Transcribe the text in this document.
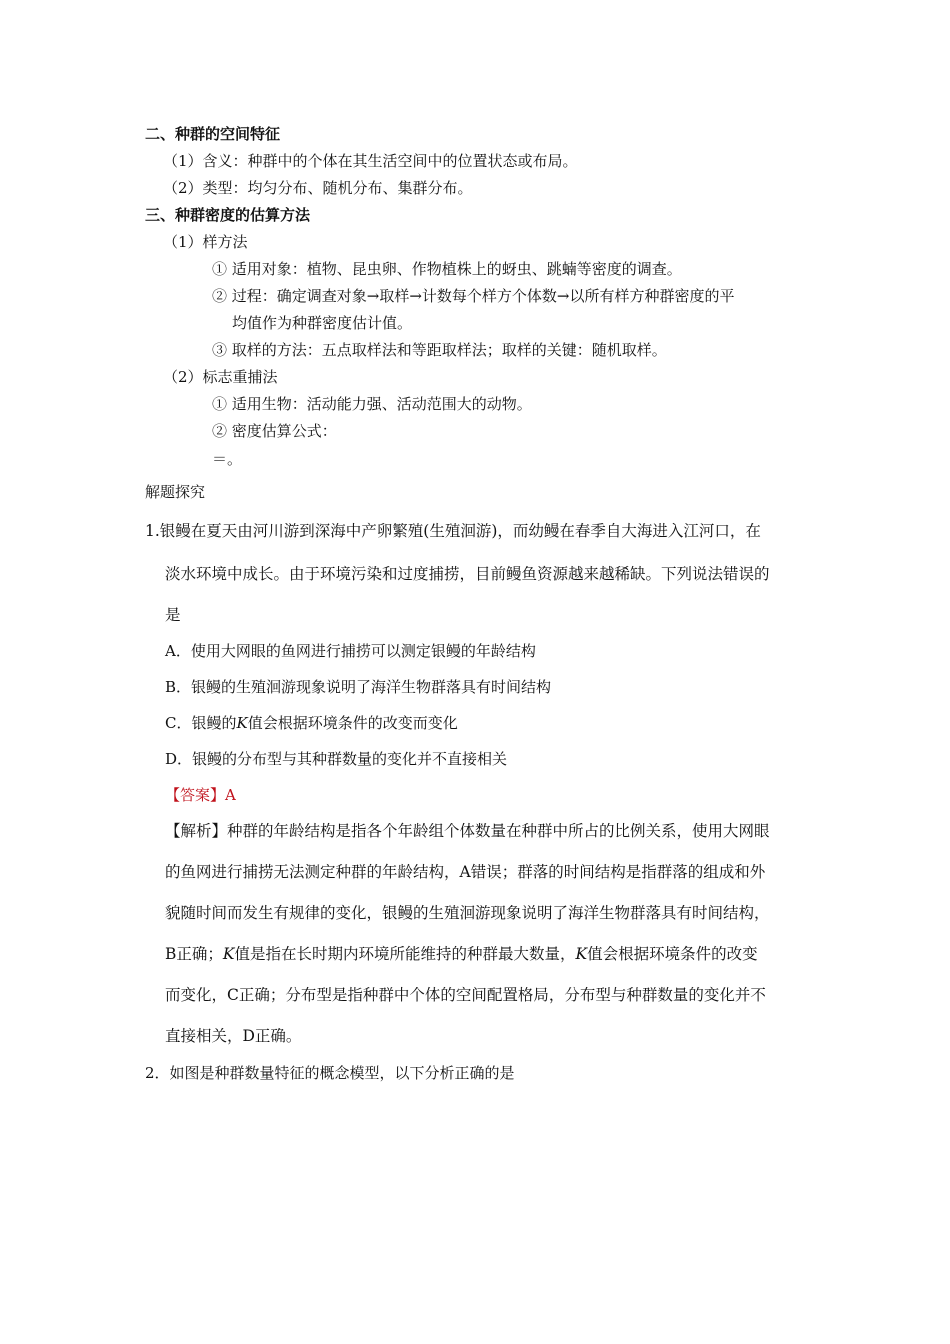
二、种群的空间特征
（1）含义：种群中的个体在其生活空间中的位置状态或布局。
（2）类型：均匀分布、随机分布、集群分布。
三、种群密度的估算方法
（1）样方法
① 适用对象：植物、昆虫卵、作物植株上的蚜虫、跳蝻等密度的调查。
② 过程：确定调查对象→取样→计数每个样方个体数→以所有样方种群密度的平
均值作为种群密度估计值。
③ 取样的方法：五点取样法和等距取样法；取样的关键：随机取样。
（2）标志重捕法
① 适用生物：活动能力强、活动范围大的动物。
② 密度估算公式：
＝。
解题探究
1.银鳗在夏天由河川游到深海中产卵繁殖(生殖洄游)，而幼鳗在春季自大海进入江河口，在
淡水环境中成长。由于环境污染和过度捕捞，目前鳗鱼资源越来越稀缺。下列说法错误的
是
A．使用大网眼的鱼网进行捕捞可以测定银鳗的年龄结构
B．银鳗的生殖洄游现象说明了海洋生物群落具有时间结构
C．银鳗的K值会根据环境条件的改变而变化
D．银鳗的分布型与其种群数量的变化并不直接相关
【答案】A
【解析】种群的年龄结构是指各个年龄组个体数量在种群中所占的比例关系，使用大网眼
的鱼网进行捕捞无法测定种群的年龄结构，A错误；群落的时间结构是指群落的组成和外
貌随时间而发生有规律的变化，银鳗的生殖洄游现象说明了海洋生物群落具有时间结构，
B正确；K值是指在长时期内环境所能维持的种群最大数量，K值会根据环境条件的改变
而变化，C正确；分布型是指种群中个体的空间配置格局，分布型与种群数量的变化并不
直接相关，D正确。
2．如图是种群数量特征的概念模型，以下分析正确的是
